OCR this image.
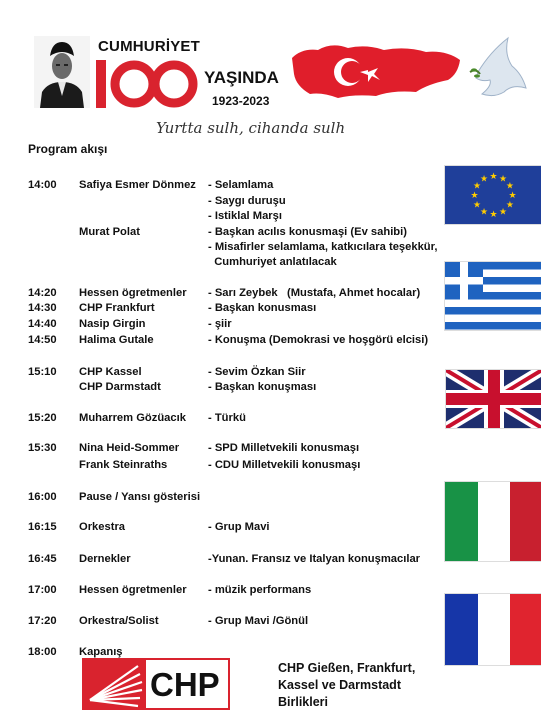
CUMHURİYET
YAŞINDA
1923-2023
Yurtta sulh, cihanda sulh
Program akışı
14:00 Safiya Esmer Dönmez - Selamlama
- Saygı duruşu
- Istiklal Marşı
Murat Polat	- Başkan acılıs konusmaşi (Ev sahibi)
- Misafirler selamlama, katkıcılara teşekkür,
Cumhuriyet anlatılacak
14:20 Hessen ögretmenler - Sarı Zeybek   (Mustafa, Ahmet hocalar)
14:30 CHP Frankfurt	- Başkan konusması
14:40 Nasip Girgin	- şiir
14:50 Halima Gutale	- Konuşma (Demokrasi ve hoşgörü elcisi)
15:10 CHP Kassel	- Sevim Özkan Siir
CHP Darmstadt	- Başkan konuşması
15:20 Muharrem Gözüacık - Türkü
15:30 Nina Heid-Sommer	- SPD Milletvekili konusmaşı
Frank Steinraths	- CDU Milletvekili konusmaşı
16:00 Pause / Yansı gösterisi
16:15 Orkestra	- Grup Mavi
16:45 Dernekler	-Yunan. Fransız ve Italyan konuşmacılar
17:00 Hessen ögretmenler - müzik performans
17:20 Orkestra/Solist	- Grup Mavi /Gönül
18:00 Kapanış
★ ★
★
★
★
★
★
★
★
★
★
★
CHP	CHP Gießen, Frankfurt,
Kassel ve Darmstadt
Birlikleri
